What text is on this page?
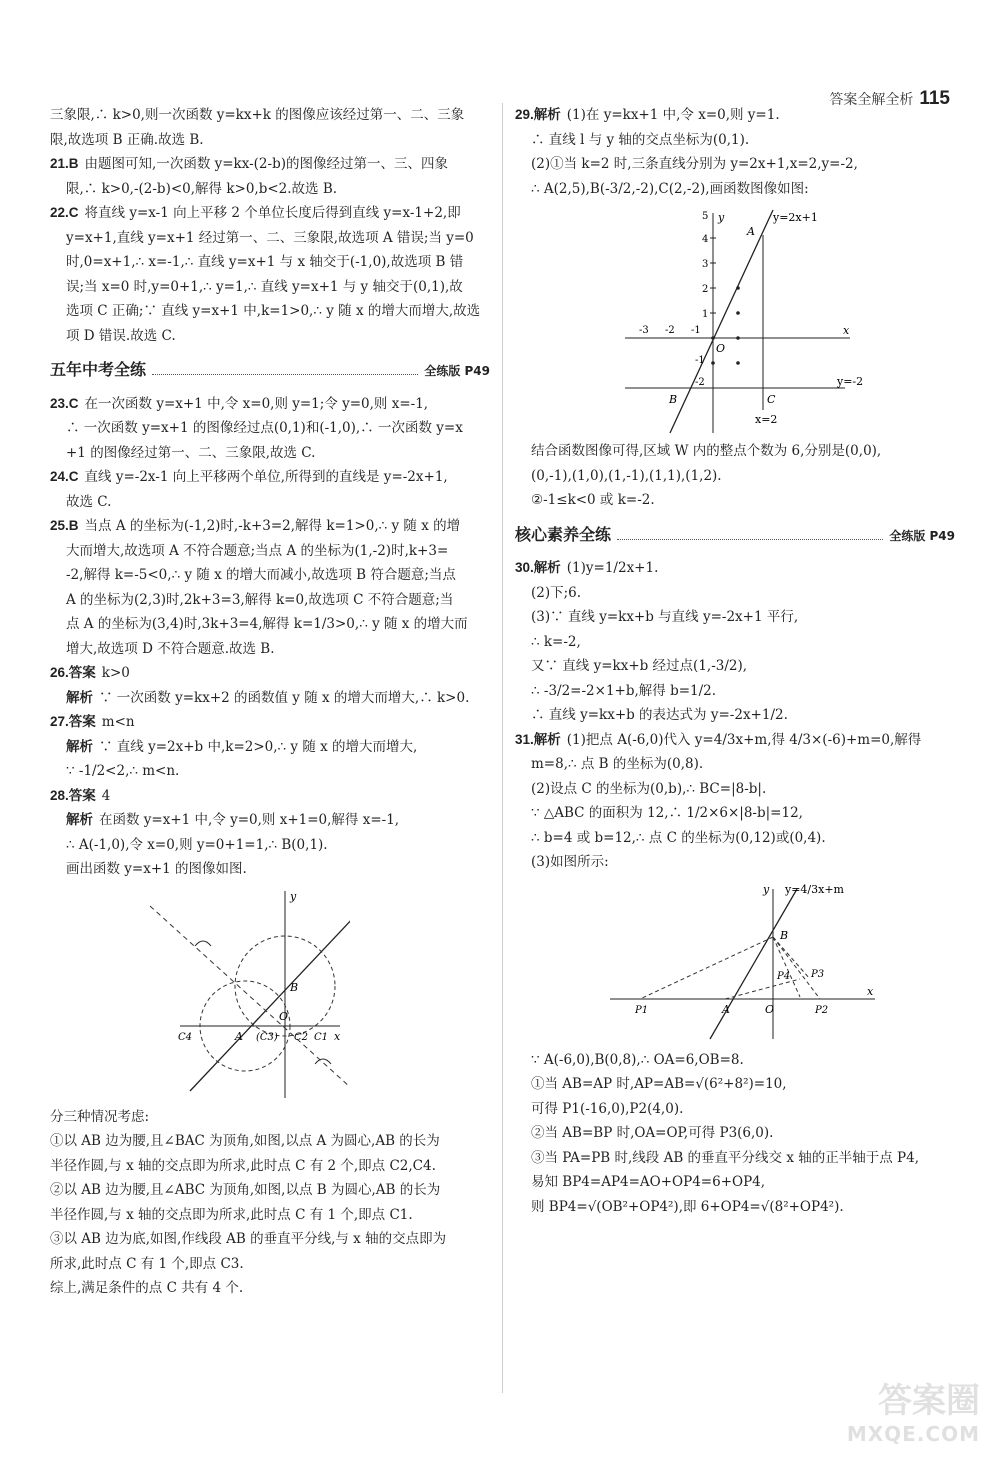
答案全解全析 115
三象限,∴ k>0,则一次函数 y=kx+k 的图像应该经过第一、二、三象
限,故选项 B 正确.故选 B.
21.B 由题图可知,一次函数 y=kx-(2-b)的图像经过第一、三、四象
限,∴ k>0,-(2-b)<0,解得 k>0,b<2.故选 B.
22.C 将直线 y=x-1 向上平移 2 个单位长度后得到直线 y=x-1+2,即
y=x+1,直线 y=x+1 经过第一、二、三象限,故选项 A 错误;当 y=0
时,0=x+1,∴ x=-1,∴ 直线 y=x+1 与 x 轴交于(-1,0),故选项 B 错
误;当 x=0 时,y=0+1,∴ y=1,∴ 直线 y=x+1 与 y 轴交于(0,1),故
选项 C 正确;∵ 直线 y=x+1 中,k=1>0,∴ y 随 x 的增大而增大,故选
项 D 错误.故选 C.
五年中考全练	全练版 P49
23.C 在一次函数 y=x+1 中,令 x=0,则 y=1;令 y=0,则 x=-1,
∴ 一次函数 y=x+1 的图像经过点(0,1)和(-1,0),∴ 一次函数 y=x
+1 的图像经过第一、二、三象限,故选 C.
24.C 直线 y=-2x-1 向上平移两个单位,所得到的直线是 y=-2x+1,
故选 C.
25.B 当点 A 的坐标为(-1,2)时,-k+3=2,解得 k=1>0,∴ y 随 x 的增
大而增大,故选项 A 不符合题意;当点 A 的坐标为(1,-2)时,k+3=
-2,解得 k=-5<0,∴ y 随 x 的增大而减小,故选项 B 符合题意;当点
A 的坐标为(2,3)时,2k+3=3,解得 k=0,故选项 C 不符合题意;当
点 A 的坐标为(3,4)时,3k+3=4,解得 k=1/3>0,∴ y 随 x 的增大而
增大,故选项 D 不符合题意.故选 B.
26.答案 k>0
解析 ∵ 一次函数 y=kx+2 的函数值 y 随 x 的增大而增大,∴ k>0.
27.答案 m<n
解析 ∵ 直线 y=2x+b 中,k=2>0,∴ y 随 x 的增大而增大,
∵ -1/2<2,∴ m<n.
28.答案 4
解析 在函数 y=x+1 中,令 y=0,则 x+1=0,解得 x=-1,
∴ A(-1,0),令 x=0,则 y=0+1=1,∴ B(0,1).
画出函数 y=x+1 的图像如图.
y
x
B
O
A
C4	(C3) C2 C1
分三种情况考虑:
①以 AB 边为腰,且∠BAC 为顶角,如图,以点 A 为圆心,AB 的长为
半径作圆,与 x 轴的交点即为所求,此时点 C 有 2 个,即点 C2,C4.
②以 AB 边为腰,且∠ABC 为顶角,如图,以点 B 为圆心,AB 的长为
半径作圆,与 x 轴的交点即为所求,此时点 C 有 1 个,即点 C1.
③以 AB 边为底,如图,作线段 AB 的垂直平分线,与 x 轴的交点即为
所求,此时点 C 有 1 个,即点 C3.
综上,满足条件的点 C 共有 4 个.
29.解析 (1)在 y=kx+1 中,令 x=0,则 y=1.
∴ 直线 l 与 y 轴的交点坐标为(0,1).
(2)①当 k=2 时,三条直线分别为 y=2x+1,x=2,y=-2,
∴ A(2,5),B(-3/2,-2),C(2,-2),画函数图像如图:
y
x
y=2x+1
y=-2
x=2
A
B	C
O
1
2
3
4
5
-1
-2
-3
-1
-2
结合函数图像可得,区域 W 内的整点个数为 6,分别是(0,0),
(0,-1),(1,0),(1,-1),(1,1),(1,2).
②-1≤k<0 或 k=-2.
核心素养全练	全练版 P49
30.解析 (1)y=1/2x+1.
(2)下;6.
(3)∵ 直线 y=kx+b 与直线 y=-2x+1 平行,
∴ k=-2,
又∵ 直线 y=kx+b 经过点(1,-3/2),
∴ -3/2=-2×1+b,解得 b=1/2.
∴ 直线 y=kx+b 的表达式为 y=-2x+1/2.
31.解析 (1)把点 A(-6,0)代入 y=4/3x+m,得 4/3×(-6)+m=0,解得
m=8,∴ 点 B 的坐标为(0,8).
(2)设点 C 的坐标为(0,b),∴ BC=|8-b|.
∵ △ABC 的面积为 12,∴ 1/2×6×|8-b|=12,
∴ b=4 或 b=12,∴ 点 C 的坐标为(0,12)或(0,4).
(3)如图所示:
y y=4/3x+m
B
P4 P3
P1	A	O	P2
x
∵ A(-6,0),B(0,8),∴ OA=6,OB=8.
①当 AB=AP 时,AP=AB=√(6²+8²)=10,
可得 P1(-16,0),P2(4,0).
②当 AB=BP 时,OA=OP,可得 P3(6,0).
③当 PA=PB 时,线段 AB 的垂直平分线交 x 轴的正半轴于点 P4,
易知 BP4=AP4=AO+OP4=6+OP4,
则 BP4=√(OB²+OP4²),即 6+OP4=√(8²+OP4²).
答案圈
MXQE.COM
